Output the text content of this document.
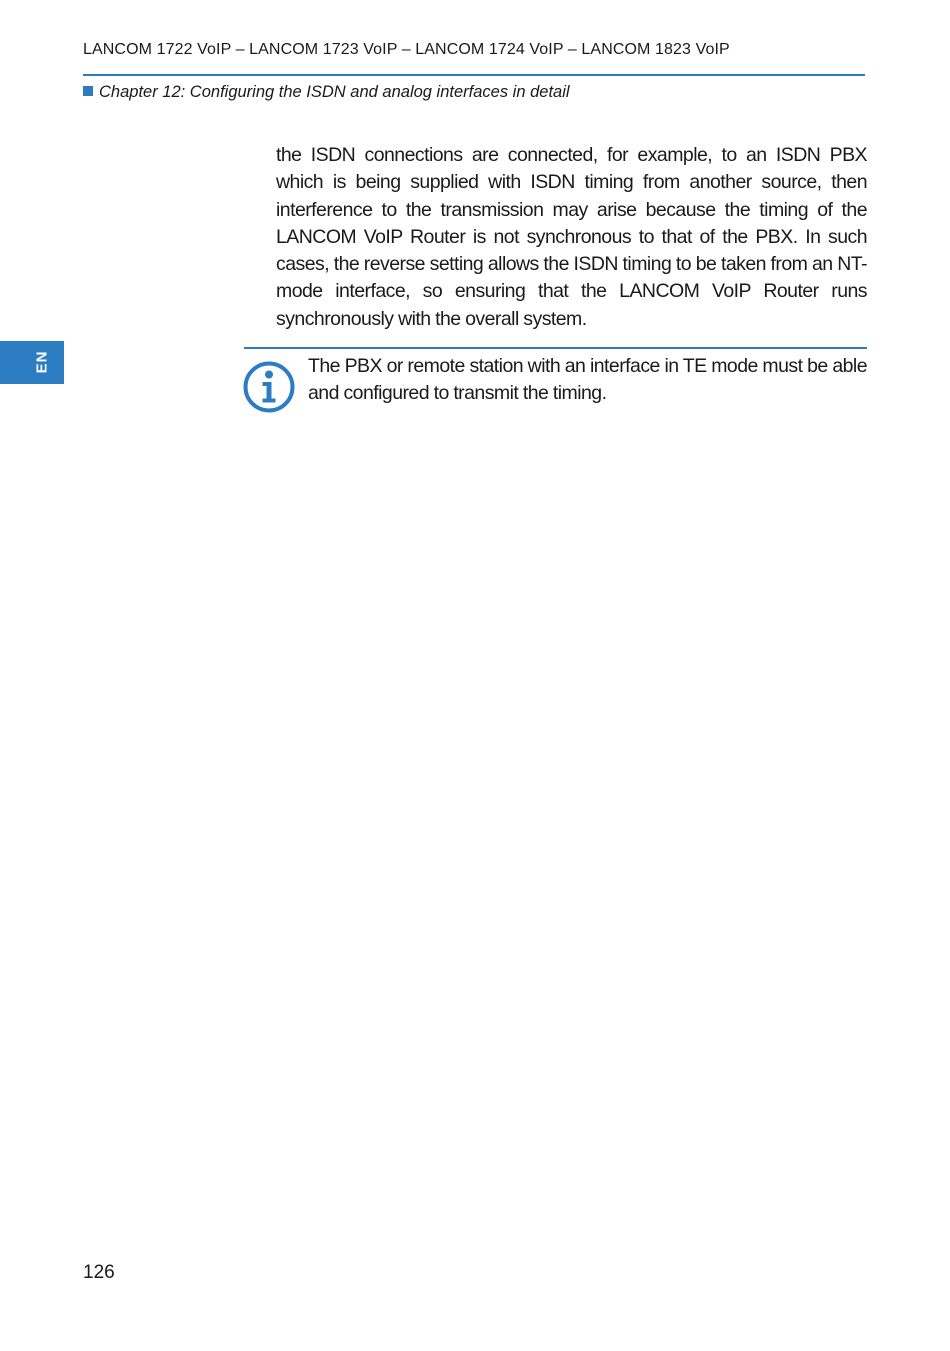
LANCOM 1722 VoIP – LANCOM 1723 VoIP – LANCOM 1724 VoIP – LANCOM 1823 VoIP
Chapter 12: Configuring the ISDN and analog interfaces in detail
EN
the ISDN connections are connected, for example, to an ISDN PBX which is being supplied with ISDN timing from another source, then interference to the transmission may arise because the timing of the LANCOM VoIP Router is not synchronous to that of the PBX. In such cases, the reverse setting allows the ISDN timing to be taken from an NT-mode interface, so ensuring that the LANCOM VoIP Router runs synchronously with the overall system.
The PBX or remote station with an interface in TE mode must be able and configured to transmit the timing.
126
